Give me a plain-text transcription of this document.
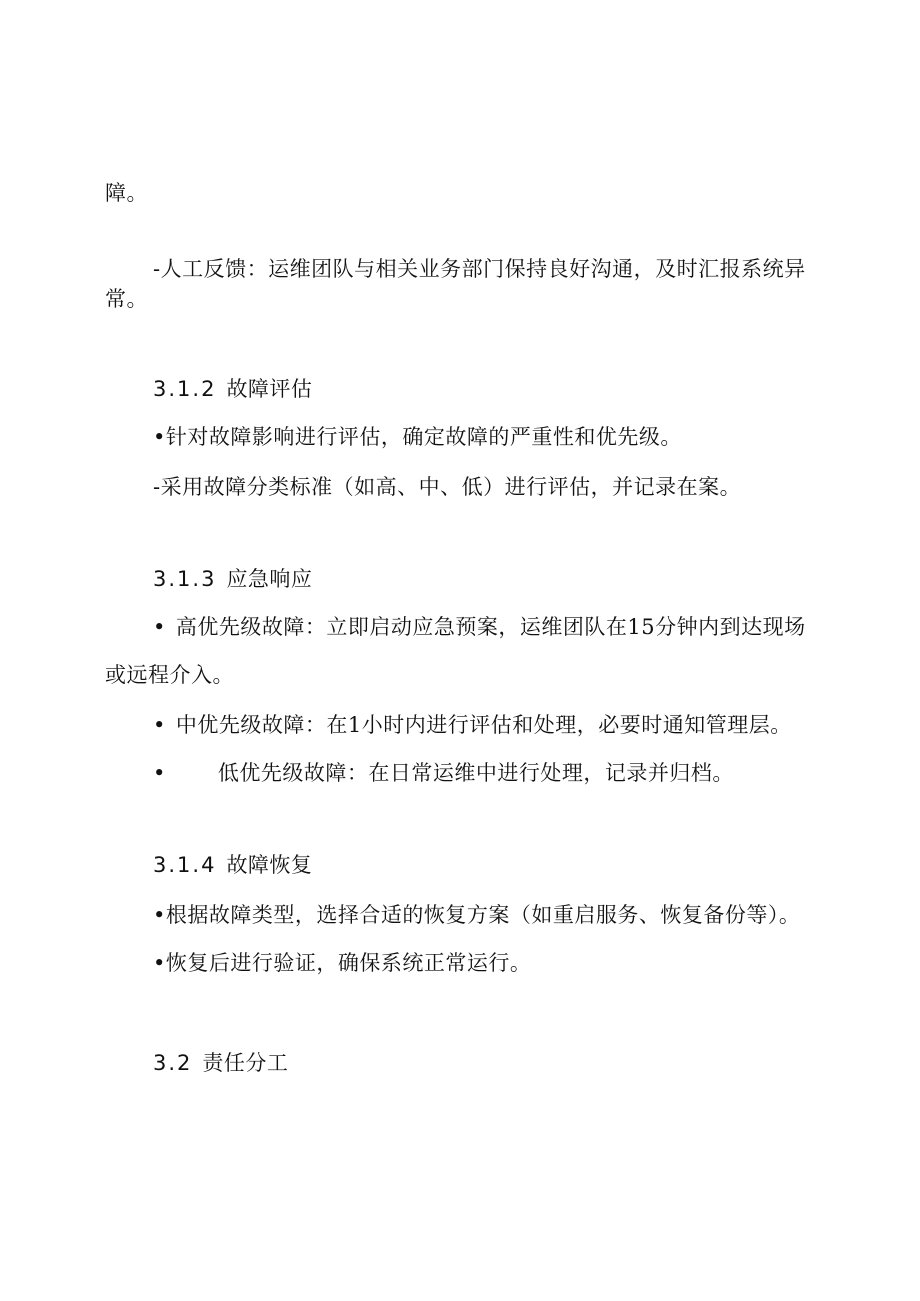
障。
-人工反馈：运维团队与相关业务部门保持良好沟通，及时汇报系统异
常。
3.1.2 故障评估
•针对故障影响进行评估，确定故障的严重性和优先级。
-采用故障分类标准（如高、中、低）进行评估，并记录在案。
3.1.3 应急响应
• 高优先级故障：立即启动应急预案，运维团队在15分钟内到达现场
或远程介入。
• 中优先级故障：在1小时内进行评估和处理，必要时通知管理层。
• 低优先级故障：在日常运维中进行处理，记录并归档。
3.1.4 故障恢复
•根据故障类型，选择合适的恢复方案（如重启服务、恢复备份等）。
•恢复后进行验证，确保系统正常运行。
3.2 责任分工
